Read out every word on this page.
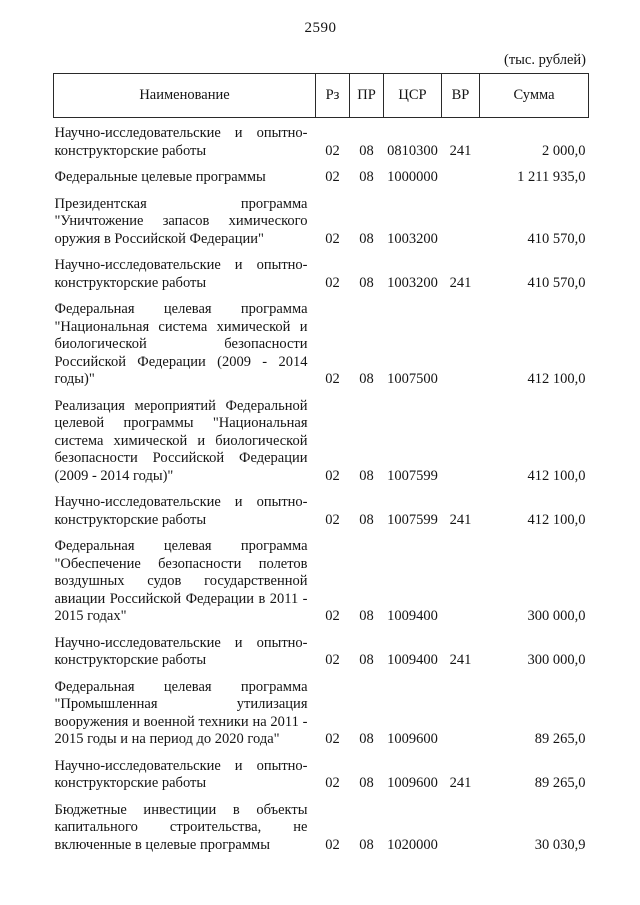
2590
(тыс. рублей)
Наименование	Рз	ПР	ЦСР	ВР	Сумма
Научно-исследовательские и опытно-конструкторские работы	02	08	0810300	241	2 000,0
Федеральные целевые программы	02	08	1000000		1 211 935,0
Президентская программа "Уничтожение запасов химического оружия в Российской Федерации"	02	08	1003200		410 570,0
Научно-исследовательские и опытно-конструкторские работы	02	08	1003200	241	410 570,0
Федеральная целевая программа "Национальная система химической и биологической безопасности Российской Федерации (2009 - 2014 годы)"	02	08	1007500		412 100,0
Реализация мероприятий Федеральной целевой программы "Национальная система химической и биологической безопасности Российской Федерации (2009 - 2014 годы)"	02	08	1007599		412 100,0
Научно-исследовательские и опытно-конструкторские работы	02	08	1007599	241	412 100,0
Федеральная целевая программа "Обеспечение безопасности полетов воздушных судов государственной авиации Российской Федерации в 2011 - 2015 годах"	02	08	1009400		300 000,0
Научно-исследовательские и опытно-конструкторские работы	02	08	1009400	241	300 000,0
Федеральная целевая программа "Промышленная утилизация вооружения и военной техники на 2011 - 2015 годы и на период до 2020 года"	02	08	1009600		89 265,0
Научно-исследовательские и опытно-конструкторские работы	02	08	1009600	241	89 265,0
Бюджетные инвестиции в объекты капитального строительства, не включенные в целевые программы	02	08	1020000		30 030,9
